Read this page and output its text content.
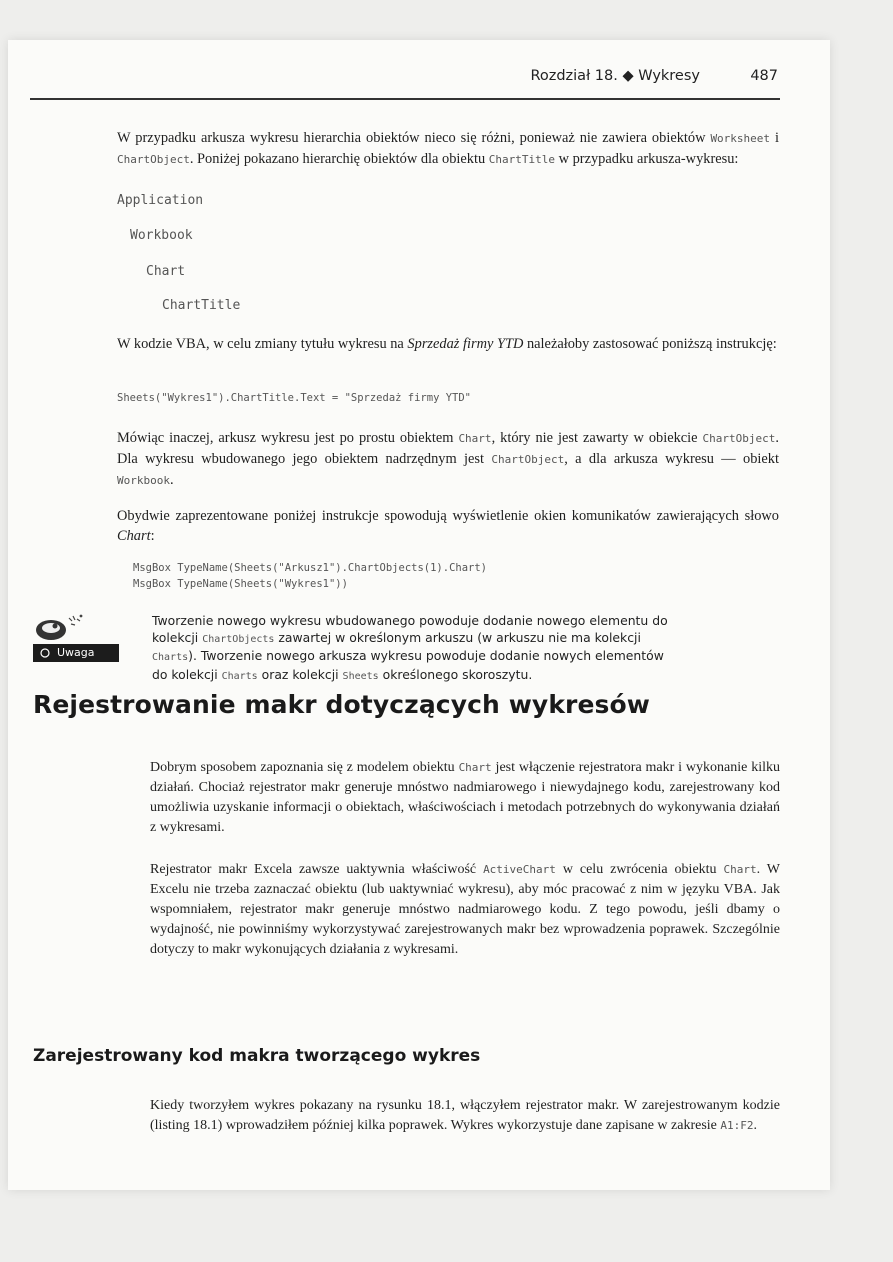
Rozdział 18. ◆ Wykresy	487

W przypadku arkusza wykresu hierarchia obiektów nieco się różni, ponieważ nie zawiera obiektów Worksheet i ChartObject. Poniżej pokazano hierarchię obiektów dla obiektu ChartTitle w przypadku arkusza-wykresu:

Application
Workbook
Chart
ChartTitle

W kodzie VBA, w celu zmiany tytułu wykresu na Sprzedaż firmy YTD należałoby zastosować poniższą instrukcję:

Sheets("Wykres1").ChartTitle.Text = "Sprzedaż firmy YTD"

Mówiąc inaczej, arkusz wykresu jest po prostu obiektem Chart, który nie jest zawarty w obiekcie ChartObject. Dla wykresu wbudowanego jego obiektem nadrzędnym jest ChartObject, a dla arkusza wykresu — obiekt Workbook.

Obydwie zaprezentowane poniżej instrukcje spowodują wyświetlenie okien komunikatów zawierających słowo Chart:

MsgBox TypeName(Sheets("Arkusz1").ChartObjects(1).Chart)
MsgBox TypeName(Sheets("Wykres1"))
Uwaga
Tworzenie nowego wykresu wbudowanego powoduje dodanie nowego elementu do kolekcji ChartObjects zawartej w określonym arkuszu (w arkuszu nie ma kolekcji Charts). Tworzenie nowego arkusza wykresu powoduje dodanie nowych elementów do kolekcji Charts oraz kolekcji Sheets określonego skoroszytu.
Rejestrowanie makr dotyczących wykresów

Dobrym sposobem zapoznania się z modelem obiektu Chart jest włączenie rejestratora makr i wykonanie kilku działań. Chociaż rejestrator makr generuje mnóstwo nadmiarowego i niewydajnego kodu, zarejestrowany kod umożliwia uzyskanie informacji o obiektach, właściwościach i metodach potrzebnych do wykonywania działań z wykresami.

Rejestrator makr Excela zawsze uaktywnia właściwość ActiveChart w celu zwrócenia obiektu Chart. W Excelu nie trzeba zaznaczać obiektu (lub uaktywniać wykresu), aby móc pracować z nim w języku VBA. Jak wspomniałem, rejestrator makr generuje mnóstwo nadmiarowego kodu. Z tego powodu, jeśli dbamy o wydajność, nie powinniśmy wykorzystywać zarejestrowanych makr bez wprowadzenia poprawek. Szczególnie dotyczy to makr wykonujących działania z wykresami.

Zarejestrowany kod makra tworzącego wykres

Kiedy tworzyłem wykres pokazany na rysunku 18.1, włączyłem rejestrator makr. W zarejestrowanym kodzie (listing 18.1) wprowadziłem później kilka poprawek. Wykres wykorzystuje dane zapisane w zakresie A1:F2.
